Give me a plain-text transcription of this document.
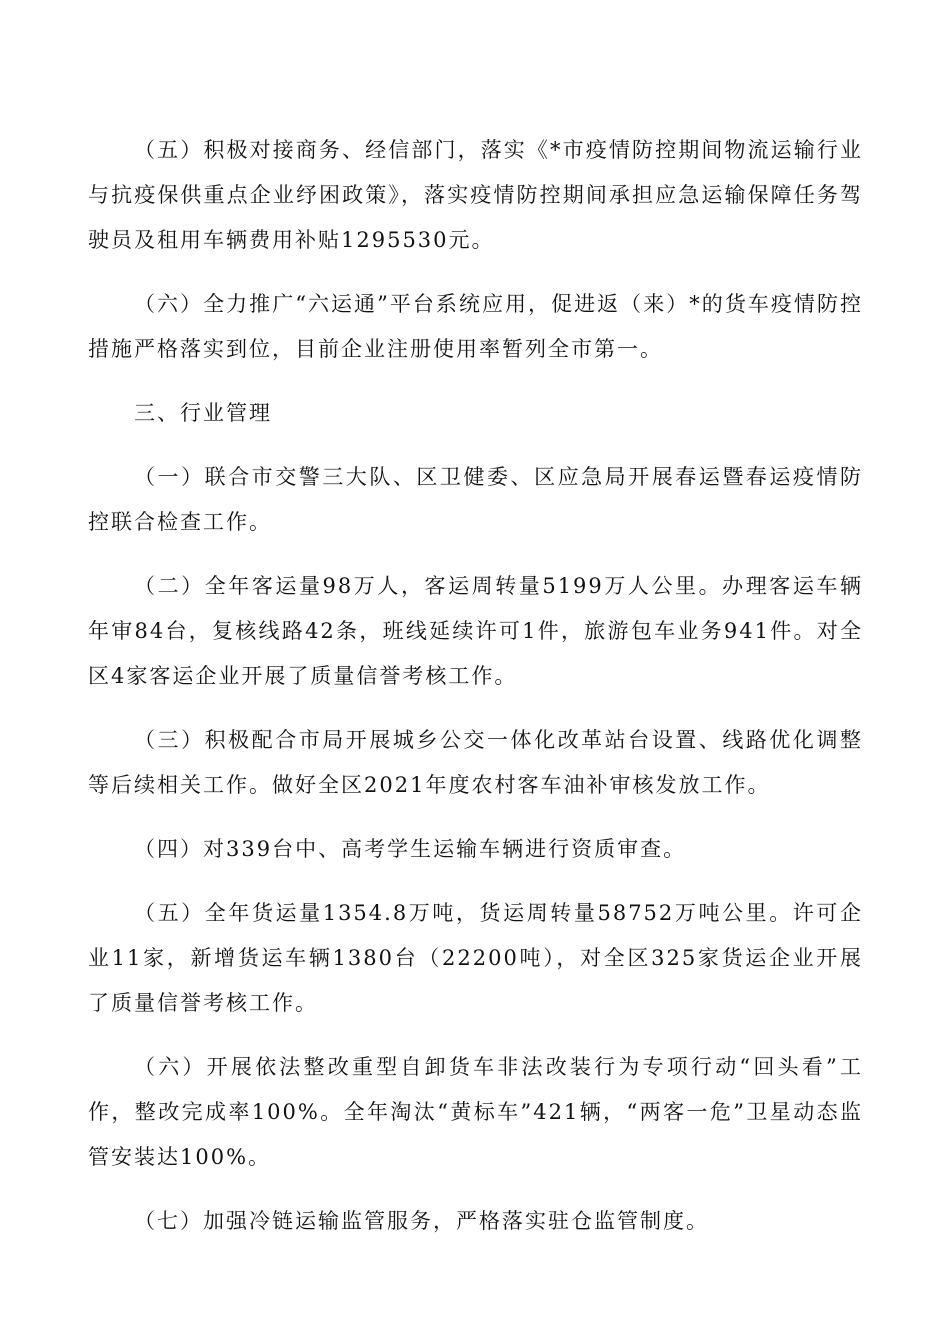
（五）积极对接商务、经信部门，落实《*市疫情防控期间物流运输行业与抗疫保供重点企业纾困政策》，落实疫情防控期间承担应急运输保障任务驾驶员及租用车辆费用补贴1295530元。

（六）全力推广“六运通”平台系统应用，促进返（来）*的货车疫情防控措施严格落实到位，目前企业注册使用率暂列全市第一。

三、行业管理

（一）联合市交警三大队、区卫健委、区应急局开展春运暨春运疫情防控联合检查工作。

（二）全年客运量98万人，客运周转量5199万人公里。办理客运车辆年审84台，复核线路42条，班线延续许可1件，旅游包车业务941件。对全区4家客运企业开展了质量信誉考核工作。

（三）积极配合市局开展城乡公交一体化改革站台设置、线路优化调整等后续相关工作。做好全区2021年度农村客车油补审核发放工作。

（四）对339台中、高考学生运输车辆进行资质审查。

（五）全年货运量1354.8万吨，货运周转量58752万吨公里。许可企业11家，新增货运车辆1380台（22200吨），对全区325家货运企业开展了质量信誉考核工作。

（六）开展依法整改重型自卸货车非法改装行为专项行动“回头看”工作，整改完成率100%。全年淘汰“黄标车”421辆，“两客一危”卫星动态监管安装达100%。

（七）加强冷链运输监管服务，严格落实驻仓监管制度。
